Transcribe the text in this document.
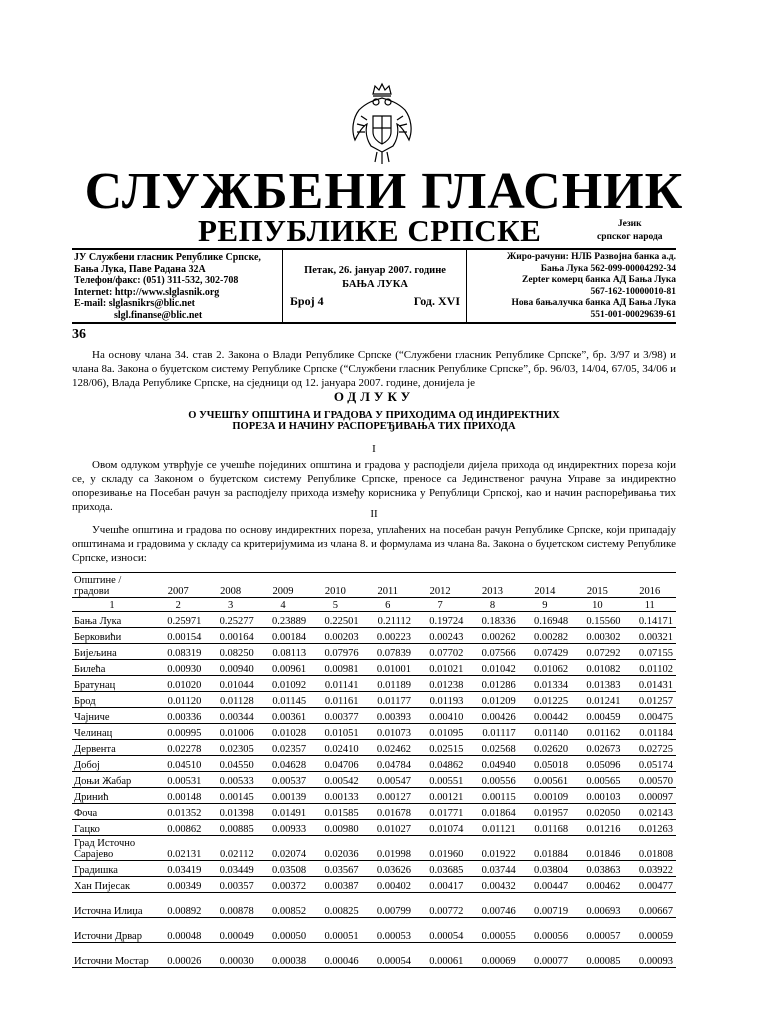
СЛУЖБЕНИ ГЛАСНИК
РЕПУБЛИКЕ СРПСКЕ	Језик
српског народа
ЈУ Службени гласник Републике Српске,
Бања Лука, Паве Радана 32А
Телефон/факс: (051) 311-532, 302-708
Internet: http://www.slglasnik.org
E-mail: slglasnikrs@blic.net
slgl.finanse@blic.net
Петак, 26. јануар 2007. године
БАЊА ЛУКА
Број 4	Год. XVI
Жиро-рачуни: НЛБ Развојна банка а.д.
Бања Лука 562-099-00004292-34
Zepter комерц банка АД Бања Лука
567-162-10000010-81
Нова бањалучка банка АД Бања Лука
551-001-00029639-61
36
На основу члана 34. став 2. Закона о Влади Републике Српске (“Службени гласник Републике Српске”, бр. 3/97 и 3/98) и члана 8а. Закона о буџетском систему Републике Српске (“Службени гласник Републике Српске”, бр. 96/03, 14/04, 67/05, 34/06 и 128/06), Влада Републике Српске, на сједници од 12. јануара 2007. године, донијела је
ОДЛУКУ
О УЧЕШЋУ ОПШТИНА И ГРАДОВА У ПРИХОДИМА ОД ИНДИРЕКТНИХ
ПОРЕЗА И НАЧИНУ РАСПОРЕЂИВАЊА ТИХ ПРИХОДА
I
Овом одлуком утврђује се учешће појединих општина и градова у расподјели дијела прихода од индиректних пореза који се, у складу са Законом о буџетском систему Републике Српске, преносе са Јединственог рачуна Управе за индиректно опорезивање на Посебан рачун за расподјелу прихода између корисника у Републици Српској, као и начин распоређивања тих прихода.
II
Учешће општина и градова по основу индиректних пореза, уплаћених на посебан рачун Републике Српске, који припадају општинама и градовима у складу са критеријумима из члана 8. и формулама из члана 8а. Закона о буџетском систему Републике Српске, износи:
Општине / градови	2007	2008	2009	2010	2011	2012	2013	2014	2015	2016
1	2	3	4	5	6	7	8	9	10	11
Бања Лука	0.25971	0.25277	0.23889	0.22501	0.21112	0.19724	0.18336	0.16948	0.15560	0.14171
Берковићи	0.00154	0.00164	0.00184	0.00203	0.00223	0.00243	0.00262	0.00282	0.00302	0.00321
Бијељина	0.08319	0.08250	0.08113	0.07976	0.07839	0.07702	0.07566	0.07429	0.07292	0.07155
Билећа	0.00930	0.00940	0.00961	0.00981	0.01001	0.01021	0.01042	0.01062	0.01082	0.01102
Братунац	0.01020	0.01044	0.01092	0.01141	0.01189	0.01238	0.01286	0.01334	0.01383	0.01431
Брод	0.01120	0.01128	0.01145	0.01161	0.01177	0.01193	0.01209	0.01225	0.01241	0.01257
Чајниче	0.00336	0.00344	0.00361	0.00377	0.00393	0.00410	0.00426	0.00442	0.00459	0.00475
Челинац	0.00995	0.01006	0.01028	0.01051	0.01073	0.01095	0.01117	0.01140	0.01162	0.01184
Дервента	0.02278	0.02305	0.02357	0.02410	0.02462	0.02515	0.02568	0.02620	0.02673	0.02725
Добој	0.04510	0.04550	0.04628	0.04706	0.04784	0.04862	0.04940	0.05018	0.05096	0.05174
Доњи Жабар	0.00531	0.00533	0.00537	0.00542	0.00547	0.00551	0.00556	0.00561	0.00565	0.00570
Дринић	0.00148	0.00145	0.00139	0.00133	0.00127	0.00121	0.00115	0.00109	0.00103	0.00097
Фоча	0.01352	0.01398	0.01491	0.01585	0.01678	0.01771	0.01864	0.01957	0.02050	0.02143
Гацко	0.00862	0.00885	0.00933	0.00980	0.01027	0.01074	0.01121	0.01168	0.01216	0.01263
Град Источно Сарајево	0.02131	0.02112	0.02074	0.02036	0.01998	0.01960	0.01922	0.01884	0.01846	0.01808
Градишка	0.03419	0.03449	0.03508	0.03567	0.03626	0.03685	0.03744	0.03804	0.03863	0.03922
Хан Пијесак	0.00349	0.00357	0.00372	0.00387	0.00402	0.00417	0.00432	0.00447	0.00462	0.00477
Источна Илиџа	0.00892	0.00878	0.00852	0.00825	0.00799	0.00772	0.00746	0.00719	0.00693	0.00667
Источни Дрвар	0.00048	0.00049	0.00050	0.00051	0.00053	0.00054	0.00055	0.00056	0.00057	0.00059
Источни Мостар	0.00026	0.00030	0.00038	0.00046	0.00054	0.00061	0.00069	0.00077	0.00085	0.00093
